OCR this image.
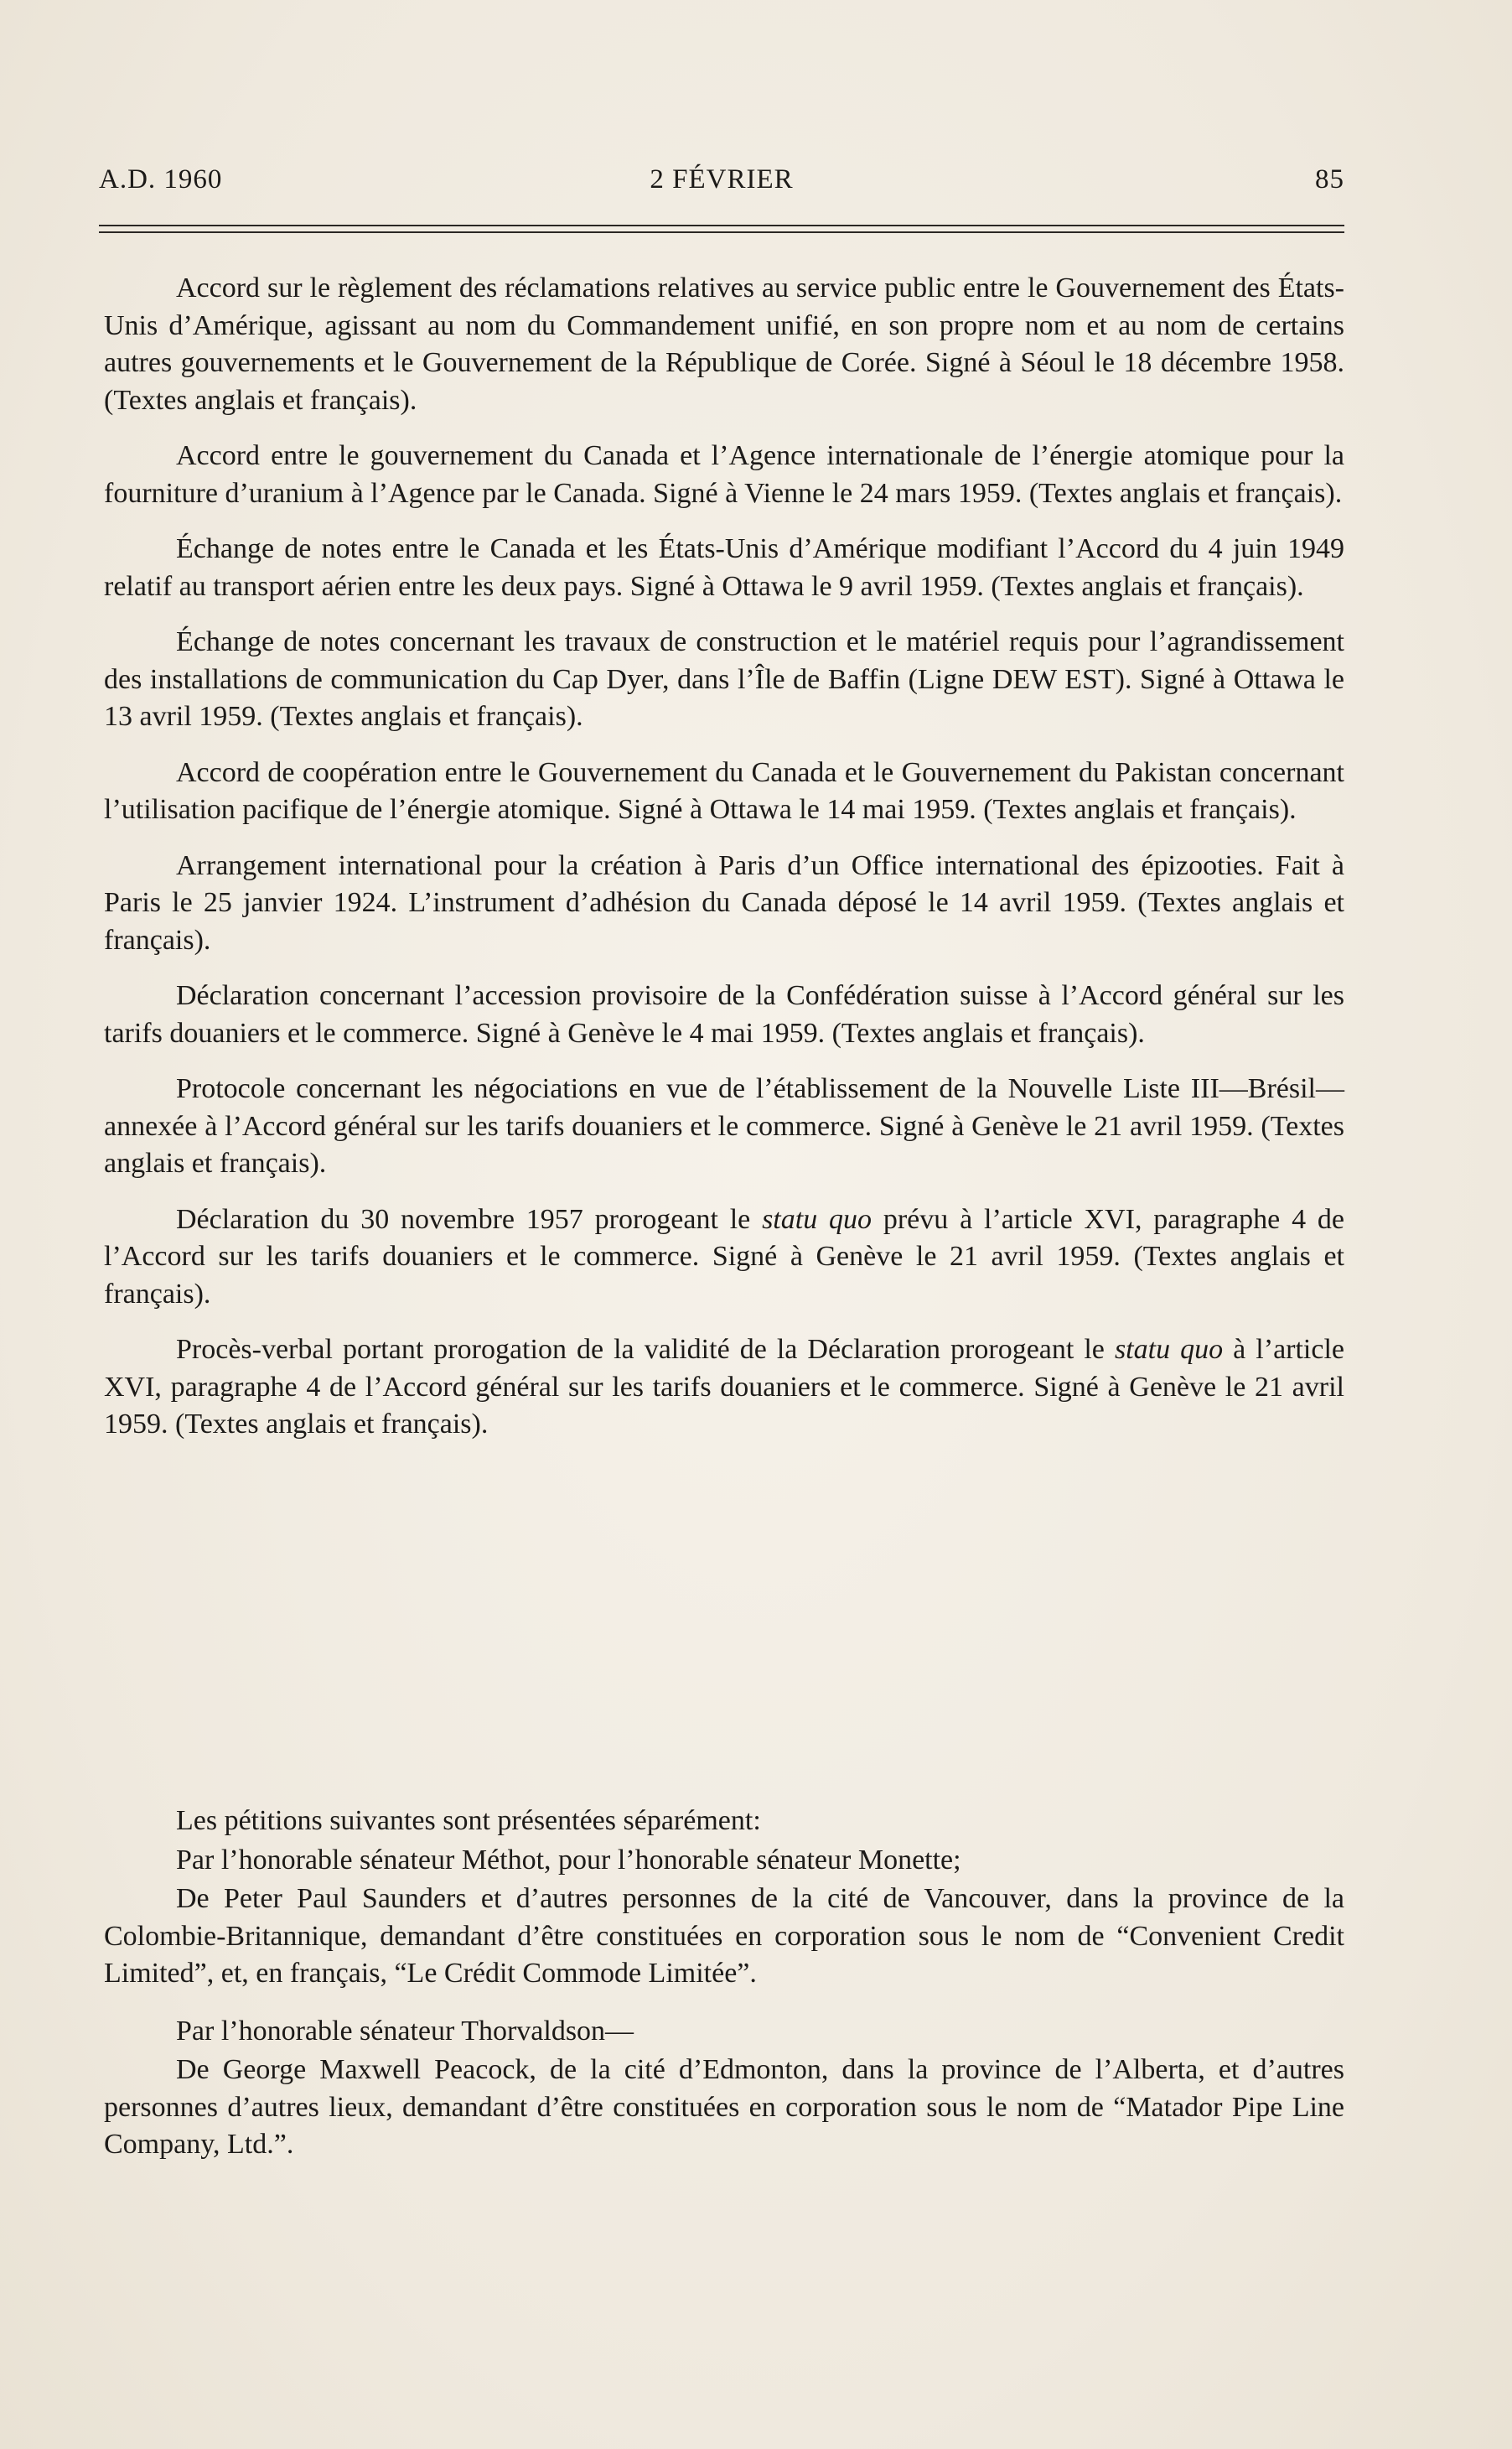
A.D. 1960	2 FÉVRIER	85

Accord sur le règlement des réclamations relatives au service public entre le Gouvernement des États-Unis d’Amérique, agissant au nom du Commandement unifié, en son propre nom et au nom de certains autres gouvernements et le Gouvernement de la République de Corée. Signé à Séoul le 18 décembre 1958. (Textes anglais et français).

Accord entre le gouvernement du Canada et l’Agence internationale de l’énergie atomique pour la fourniture d’uranium à l’Agence par le Canada. Signé à Vienne le 24 mars 1959. (Textes anglais et français).

Échange de notes entre le Canada et les États-Unis d’Amérique modifiant l’Accord du 4 juin 1949 relatif au transport aérien entre les deux pays. Signé à Ottawa le 9 avril 1959. (Textes anglais et français).

Échange de notes concernant les travaux de construction et le matériel requis pour l’agrandissement des installations de communication du Cap Dyer, dans l’Île de Baffin (Ligne DEW EST). Signé à Ottawa le 13 avril 1959. (Textes anglais et français).

Accord de coopération entre le Gouvernement du Canada et le Gouvernement du Pakistan concernant l’utilisation pacifique de l’énergie atomique. Signé à Ottawa le 14 mai 1959. (Textes anglais et français).

Arrangement international pour la création à Paris d’un Office international des épizooties. Fait à Paris le 25 janvier 1924. L’instrument d’adhésion du Canada déposé le 14 avril 1959. (Textes anglais et français).

Déclaration concernant l’accession provisoire de la Confédération suisse à l’Accord général sur les tarifs douaniers et le commerce. Signé à Genève le 4 mai 1959. (Textes anglais et français).

Protocole concernant les négociations en vue de l’établissement de la Nouvelle Liste III—Brésil—annexée à l’Accord général sur les tarifs douaniers et le commerce. Signé à Genève le 21 avril 1959. (Textes anglais et français).

Déclaration du 30 novembre 1957 prorogeant le statu quo prévu à l’article XVI, paragraphe 4 de l’Accord sur les tarifs douaniers et le commerce. Signé à Genève le 21 avril 1959. (Textes anglais et français).

Procès-verbal portant prorogation de la validité de la Déclaration prorogeant le statu quo à l’article XVI, paragraphe 4 de l’Accord général sur les tarifs douaniers et le commerce. Signé à Genève le 21 avril 1959. (Textes anglais et français).

Les pétitions suivantes sont présentées séparément:

Par l’honorable sénateur Méthot, pour l’honorable sénateur Monette;

De Peter Paul Saunders et d’autres personnes de la cité de Vancouver, dans la province de la Colombie-Britannique, demandant d’être constituées en corporation sous le nom de “Convenient Credit Limited”, et, en français, “Le Crédit Commode Limitée”.

Par l’honorable sénateur Thorvaldson—

De George Maxwell Peacock, de la cité d’Edmonton, dans la province de l’Alberta, et d’autres personnes d’autres lieux, demandant d’être constituées en corporation sous le nom de “Matador Pipe Line Company, Ltd.”.
